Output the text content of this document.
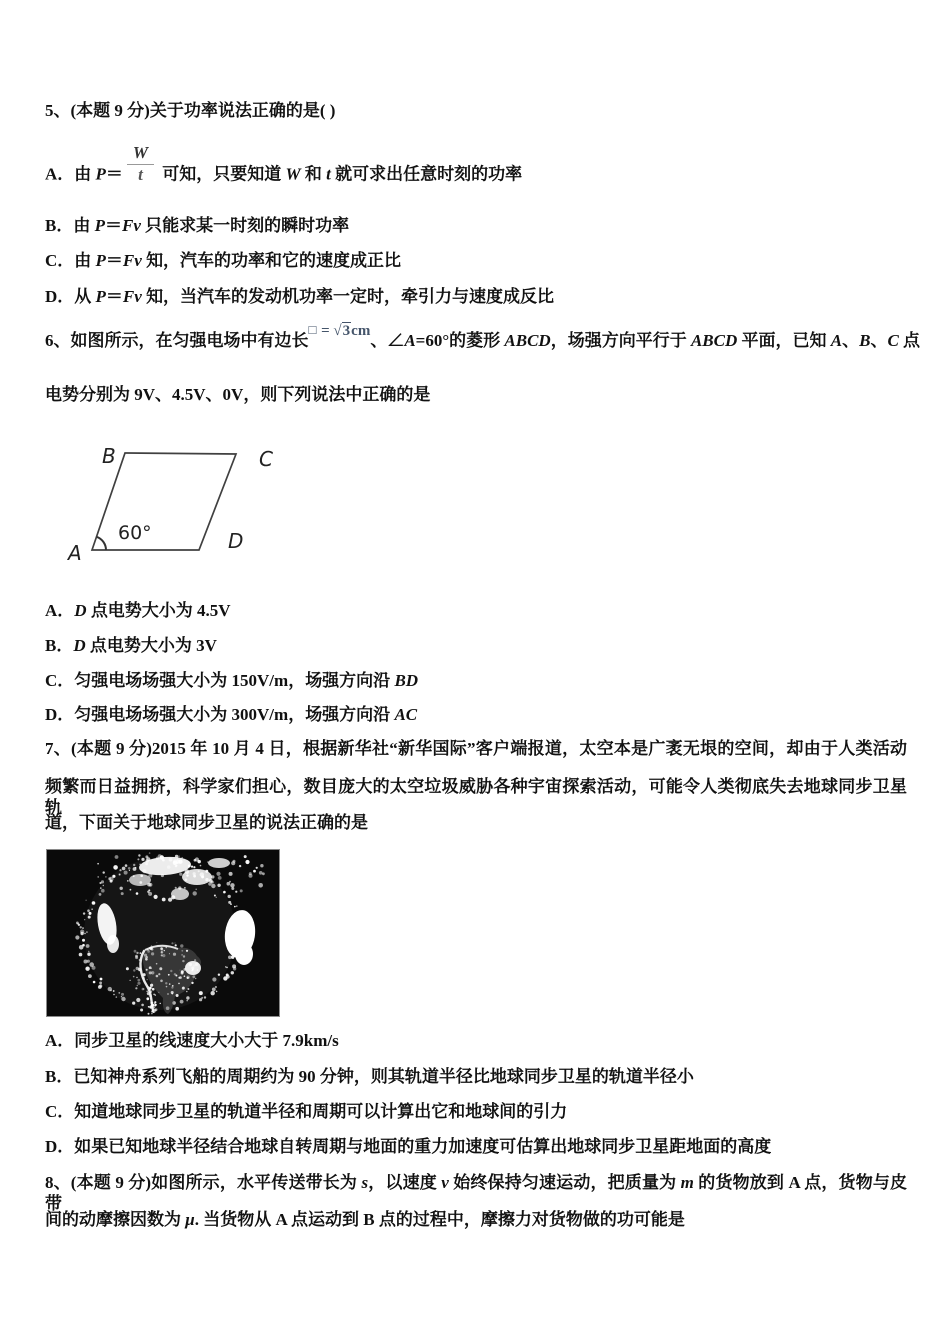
5、(本题 9 分)关于功率说法正确的是( )
A．由 $P= \frac{W}{t}$ 可知，只要知道 W 和 t 就可求出任意时刻的功率
B．由 P＝Fv 只能求某一时刻的瞬时功率
C．由 P＝Fv 知，汽车的功率和它的速度成正比
D．从 P＝Fv 知，当汽车的发动机功率一定时，牵引力与速度成反比
6、如图所示，在匀强电场中有边长□ = √3cm、∠A=60°的菱形 ABCD，场强方向平行于 ABCD 平面，已知 A、B、C 点
电势分别为 9V、4.5V、0V，则下列说法中正确的是
A
B	C
D
60°
A．D 点电势大小为 4.5V
B．D 点电势大小为 3V
C．匀强电场场强大小为 150V/m，场强方向沿 BD
D．匀强电场场强大小为 300V/m，场强方向沿 AC
7、(本题 9 分)2015 年 10 月 4 日，根据新华社“新华国际”客户端报道，太空本是广袤无垠的空间，却由于人类活动
频繁而日益拥挤，科学家们担心，数目庞大的太空垃圾威胁各种宇宙探索活动，可能令人类彻底失去地球同步卫星轨
道，下面关于地球同步卫星的说法正确的是
A．同步卫星的线速度大小大于 7.9km/s
B．已知神舟系列飞船的周期约为 90 分钟，则其轨道半径比地球同步卫星的轨道半径小
C．知道地球同步卫星的轨道半径和周期可以计算出它和地球间的引力
D．如果已知地球半径结合地球自转周期与地面的重力加速度可估算出地球同步卫星距地面的高度
8、(本题 9 分)如图所示，水平传送带长为 s，以速度 v 始终保持匀速运动，把质量为 m 的货物放到 A 点，货物与皮带
间的动摩擦因数为 μ. 当货物从 A 点运动到 B 点的过程中，摩擦力对货物做的功可能是
